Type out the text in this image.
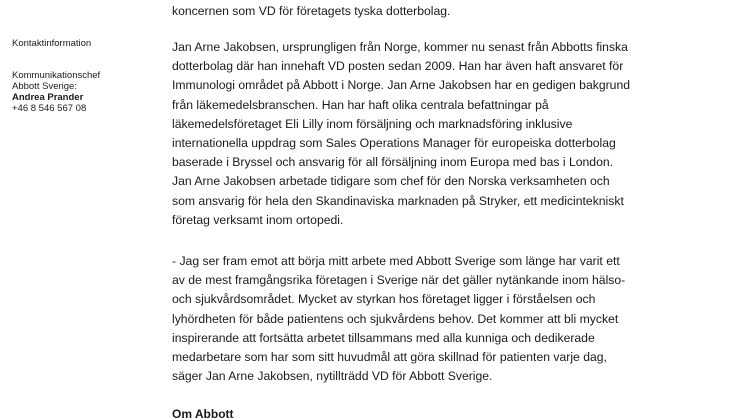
Kontaktinformation
Kommunikationschef
Abbott Sverige:
Andrea Prander
+46 8 546 567 08

koncernen som VD för företagets tyska dotterbolag.

Jan Arne Jakobsen, ursprungligen från Norge, kommer nu senast från Abbotts finska
dotterbolag där han innehaft VD posten sedan 2009. Han har även haft ansvaret för
Immunologi området på Abbott i Norge. Jan Arne Jakobsen har en gedigen bakgrund
från läkemedelsbranschen. Han har haft olika centrala befattningar på
läkemedelsföretaget Eli Lilly inom försäljning och marknadsföring inklusive
internationella uppdrag som Sales Operations Manager för europeiska dotterbolag
baserade i Bryssel och ansvarig för all försäljning inom Europa med bas i London.
Jan Arne Jakobsen arbetade tidigare som chef för den Norska verksamheten och
som ansvarig för hela den Skandinaviska marknaden på Stryker, ett medicintekniskt
företag verksamt inom ortopedi.

- Jag ser fram emot att börja mitt arbete med Abbott Sverige som länge har varit ett
av de mest framgångsrika företagen i Sverige när det gäller nytänkande inom hälso-
och sjukvårdsområdet. Mycket av styrkan hos företaget ligger i förståelsen och
lyhördheten för både patientens och sjukvårdens behov. Det kommer att bli mycket
inspirerande att fortsätta arbetet tillsammans med alla kunniga och dedikerade
medarbetare som har som sitt huvudmål att göra skillnad för patienten varje dag,
säger Jan Arne Jakobsen, nytillträdd VD för Abbott Sverige.

Om Abbott
